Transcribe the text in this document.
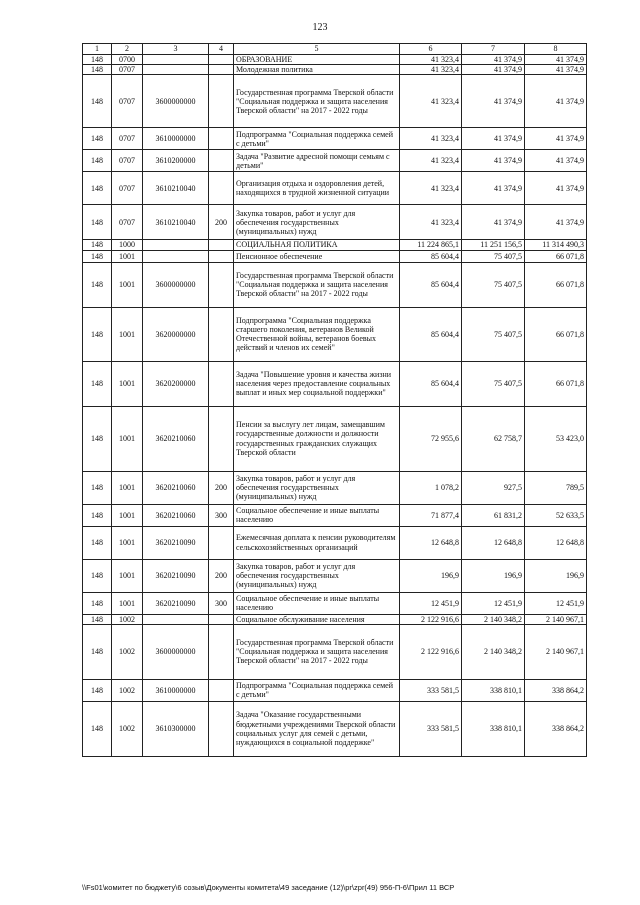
123
1	2	3	4	5	6	7	8
148	0700			ОБРАЗОВАНИЕ	41 323,4	41 374,9	41 374,9
148	0707			Молодежная политика	41 323,4	41 374,9	41 374,9
148	0707	3600000000		Государственная программа Тверской области "Социальная поддержка и защита населения Тверской области" на 2017 - 2022 годы	41 323,4	41 374,9	41 374,9
148	0707	3610000000		Подпрограмма "Социальная поддержка семей с детьми"	41 323,4	41 374,9	41 374,9
148	0707	3610200000		Задача "Развитие адресной помощи семьям с детьми"	41 323,4	41 374,9	41 374,9
148	0707	3610210040		Организация отдыха и оздоровления детей, находящихся в трудной жизненной ситуации	41 323,4	41 374,9	41 374,9
148	0707	3610210040	200	Закупка товаров, работ и услуг для обеспечения государственных (муниципальных) нужд	41 323,4	41 374,9	41 374,9
148	1000			СОЦИАЛЬНАЯ ПОЛИТИКА	11 224 865,1	11 251 156,5	11 314 490,3
148	1001			Пенсионное обеспечение	85 604,4	75 407,5	66 071,8
148	1001	3600000000		Государственная программа Тверской области "Социальная поддержка и защита населения Тверской области" на 2017 - 2022 годы	85 604,4	75 407,5	66 071,8
148	1001	3620000000		Подпрограмма "Социальная поддержка старшего поколения, ветеранов Великой Отечественной войны, ветеранов боевых действий и членов их семей"	85 604,4	75 407,5	66 071,8
148	1001	3620200000		Задача "Повышение уровня и качества жизни населения через предоставление социальных выплат и иных мер социальной поддержки"	85 604,4	75 407,5	66 071,8
148	1001	3620210060		Пенсии за выслугу лет лицам, замещавшим государственные должности и должности государственных гражданских служащих Тверской области	72 955,6	62 758,7	53 423,0
148	1001	3620210060	200	Закупка товаров, работ и услуг для обеспечения государственных (муниципальных) нужд	1 078,2	927,5	789,5
148	1001	3620210060	300	Социальное обеспечение и иные выплаты населению	71 877,4	61 831,2	52 633,5
148	1001	3620210090		Ежемесячная доплата к пенсии руководителям сельскохозяйственных организаций	12 648,8	12 648,8	12 648,8
148	1001	3620210090	200	Закупка товаров, работ и услуг для обеспечения государственных (муниципальных) нужд	196,9	196,9	196,9
148	1001	3620210090	300	Социальное обеспечение и иные выплаты населению	12 451,9	12 451,9	12 451,9
148	1002			Социальное обслуживание населения	2 122 916,6	2 140 348,2	2 140 967,1
148	1002	3600000000		Государственная программа Тверской области "Социальная поддержка и защита населения Тверской области" на 2017 - 2022 годы	2 122 916,6	2 140 348,2	2 140 967,1
148	1002	3610000000		Подпрограмма "Социальная поддержка семей с детьми"	333 581,5	338 810,1	338 864,2
148	1002	3610300000		Задача "Оказание государственными бюджетными учреждениями Тверской области социальных услуг для семей с детьми, нуждающихся в социальной поддержке"	333 581,5	338 810,1	338 864,2
\\Fs01\комитет по бюджету\6 созыв\Документы комитета\49 заседание (12)\pr\zpr(49) 956-П-6\Прил 11 ВСР
